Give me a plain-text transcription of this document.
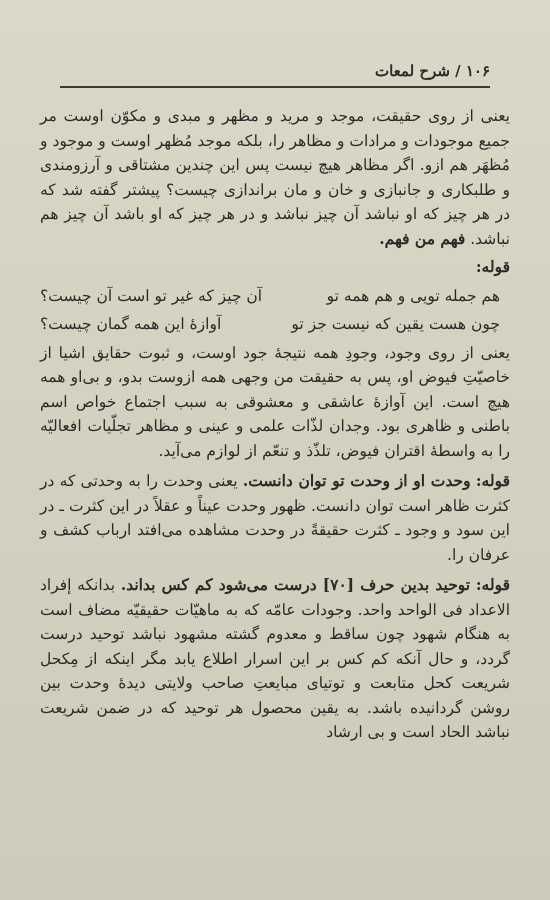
۱۰۶ / شرح لمعات

یعنی از روی حقیقت، موجد و مرید و مظهر و مبدی و مکوّن اوست مر جمیع موجودات و مرادات و مظاهر را، بلکه موجد مُظهر اوست و موجود و مُظهَر هم ازو. اگر مظاهر هیچ نیست پس این چندین مشتاقی و آرزومندی و طلبکاری و جانبازی و خان و مان براندازی چیست؟ پیشتر گفته شد که در هر چیز که او نباشد آن چیز نباشد و در هر چیز که او باشد آن چیز هم نباشد. فهم من فهم.

قوله:

هم جمله تویی و هم همه تو
آن چیز که غیر تو است آن چیست؟
چون هست یقین که نیست جز تو
آوازهٔ این همه گمان چیست؟

یعنی از روی وجود، وجودِ همه نتیجهٔ جود اوست، و ثبوت حقایق اشیا از خاصیّتِ فیوض او، پس به حقیقت من وجهی همه ازوست بدو، و بی‌او همه هیچ است. این آوازهٔ عاشقی و معشوقی به سبب اجتماع خواص اسم باطنی و ظاهری بود. وجدان لذّات علمی و عینی و مظاهر تجلّیات افعالیّه را به واسطهٔ اقتران فیوض، تلذّذ و تنعّم از لوازم می‌آید.

قوله: وحدت او از وحدت تو توان دانست. یعنی وحدت را به وحدتی که در کثرت ظاهر است توان دانست. ظهور وحدت عیناً و عقلاً در این کثرت ـ در این سود و وجود ـ کثرت حقیقةً در وحدت مشاهده می‌افتد ارباب کشف و عرفان را.

قوله: توحید بدین حرف [۷۰] درست می‌شود کم کس بداند. بدانکه إفراد الاعداد فی الواحد واحد. وجودات عامّه که به ماهیّات حقیقیّه مضاف است به هنگام شهود چون ساقط و معدوم گشته مشهود نباشد توحید درست گردد، و حال آنکه کم کس بر این اسرار اطلاع یابد مگر اینکه از مِکحل شریعت کحل متابعت و توتیای مبایعتِ صاحب ولایتی دیدهٔ وحدت بین روشن گردانیده باشد. به یقین محصول هر توحید که در ضمن شریعت نباشد الحاد است و بی ارشاد
